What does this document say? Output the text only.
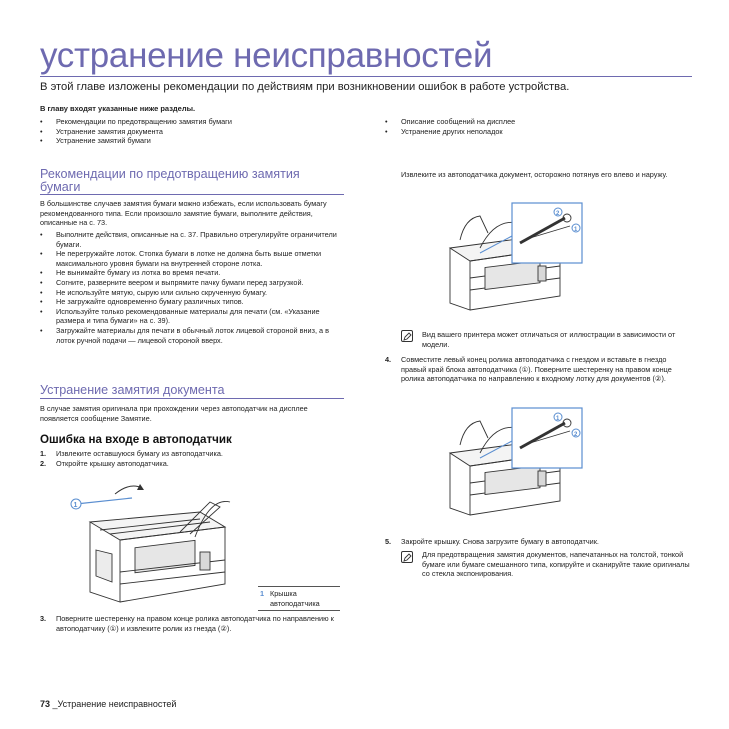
устранение неисправностей
В этой главе изложены рекомендации по действиям при возникновении ошибок в работе устройства.
В главу входят указанные ниже разделы.
• Рекомендации по предотвращению замятия бумаги
• Устранение замятия документа
• Устранение замятий бумаги
• Описание сообщений на дисплее
• Устранение других неполадок
Рекомендации по предотвращению замятия
бумаги
В большинстве случаев замятия бумаги можно избежать, если использовать бумагу рекомендованного типа. Если произошло замятие бумаги, выполните действия, описанные на с. 73.
• Выполните действия, описанные на с. 37. Правильно отрегулируйте ограничители бумаги.
• Не перегружайте лоток. Стопка бумаги в лотке не должна быть выше отметки максимального уровня бумаги на внутренней стороне лотка.
• Не вынимайте бумагу из лотка во время печати.
• Согните, разверните веером и выпрямите пачку бумаги перед загрузкой.
• Не используйте мятую, сырую или сильно скрученную бумагу.
• Не загружайте одновременно бумагу различных типов.
• Используйте только рекомендованные материалы для печати (см. «Указание размера и типа бумаги» на с. 39).
• Загружайте материалы для печати в обычный лоток лицевой стороной вниз, а в лоток ручной подачи — лицевой стороной вверх.
Устранение замятия документа
В случае замятия оригинала при прохождении через автоподатчик на дисплее появляется сообщение Замятие.
Ошибка на входе в автоподатчик
1. Извлеките оставшуюся бумагу из автоподатчика.
2. Откройте крышку автоподатчика.
1
1 Крышка
автоподатчика
3. Поверните шестеренку на правом конце ролика автоподатчика по направлению к автоподатчику (①) и извлеките ролик из гнезда (②).
Извлеките из автоподатчика документ, осторожно потянув его влево и наружу.
2
1
Вид вашего принтера может отличаться от иллюстрации в зависимости от модели.
4. Совместите левый конец ролика автоподатчика с гнездом и вставьте в гнездо правый край блока автоподатчика (①). Поверните шестеренку на правом конце ролика автоподатчика по направлению к входному лотку для документов (②).
1
2
5. Закройте крышку. Снова загрузите бумагу в автоподатчик.
Для предотвращения замятия документов, напечатанных на толстой, тонкой бумаге или бумаге смешанного типа, копируйте и сканируйте такие оригиналы со стекла экспонирования.
73 _Устранение неисправностей
